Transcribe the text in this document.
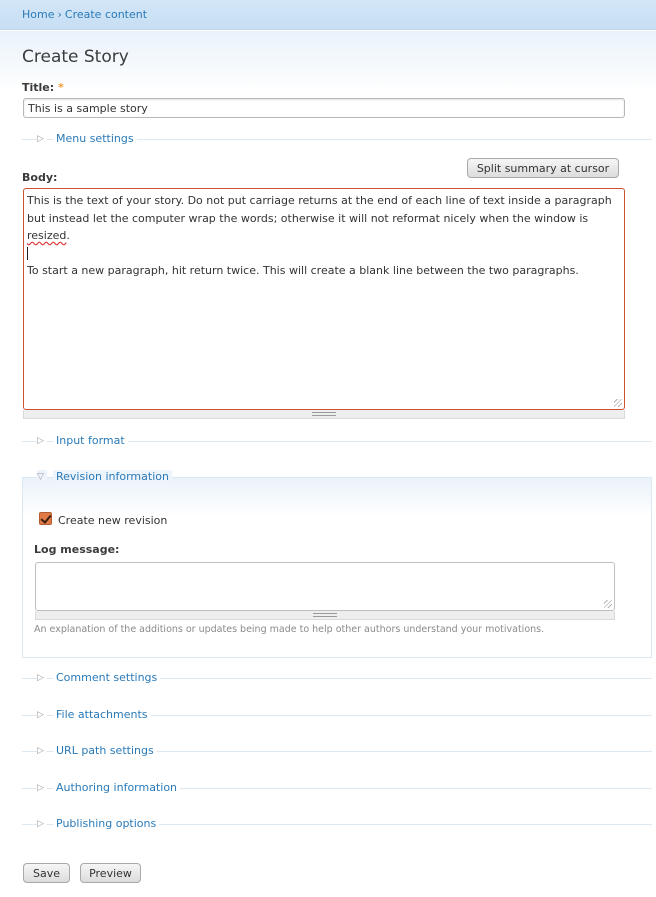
Home › Create content
Create Story
Title: *
This is a sample story
▷ Menu settings
Body:
Split summary at cursor

This is the text of your story. Do not put carriage returns at the end of each line of text inside a paragraph but instead let the computer wrap the words; otherwise it will not reformat nicely when the window is resized.

To start a new paragraph, hit return twice. This will create a blank line between the two paragraphs.

▷ Input format
▽ Revision information
Create new revision
Log message:
An explanation of the additions or updates being made to help other authors understand your motivations.
▷ Comment settings
▷ File attachments
▷ URL path settings
▷ Authoring information
▷ Publishing options
Save	Preview
